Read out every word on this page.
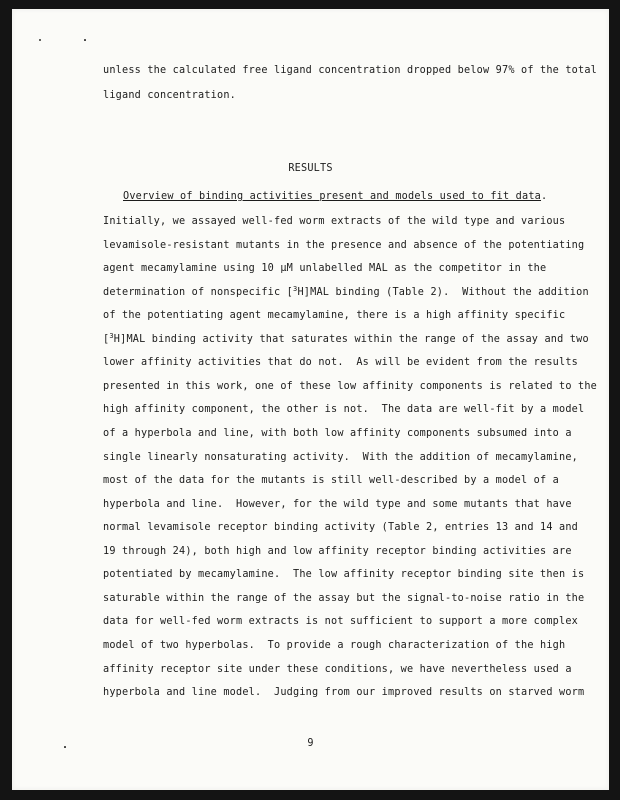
unless the calculated free ligand concentration dropped below 97% of the total
ligand concentration.
RESULTS
Overview of binding activities present and models used to fit data.
Initially, we assayed well-fed worm extracts of the wild type and various
levamisole-resistant mutants in the presence and absence of the potentiating
agent mecamylamine using 10 µM unlabelled MAL as the competitor in the
determination of nonspecific [$^3$H]MAL binding (Table 2).  Without the addition
of the potentiating agent mecamylamine, there is a high affinity specific
[$^3$H]MAL binding activity that saturates within the range of the assay and two
lower affinity activities that do not.  As will be evident from the results
presented in this work, one of these low affinity components is related to the
high affinity component, the other is not.  The data are well-fit by a model
of a hyperbola and line, with both low affinity components subsumed into a
single linearly nonsaturating activity.  With the addition of mecamylamine,
most of the data for the mutants is still well-described by a model of a
hyperbola and line.  However, for the wild type and some mutants that have
normal levamisole receptor binding activity (Table 2, entries 13 and 14 and
19 through 24), both high and low affinity receptor binding activities are
potentiated by mecamylamine.  The low affinity receptor binding site then is
saturable within the range of the assay but the signal-to-noise ratio in the
data for well-fed worm extracts is not sufficient to support a more complex
model of two hyperbolas.  To provide a rough characterization of the high
affinity receptor site under these conditions, we have nevertheless used a
hyperbola and line model.  Judging from our improved results on starved worm
9
